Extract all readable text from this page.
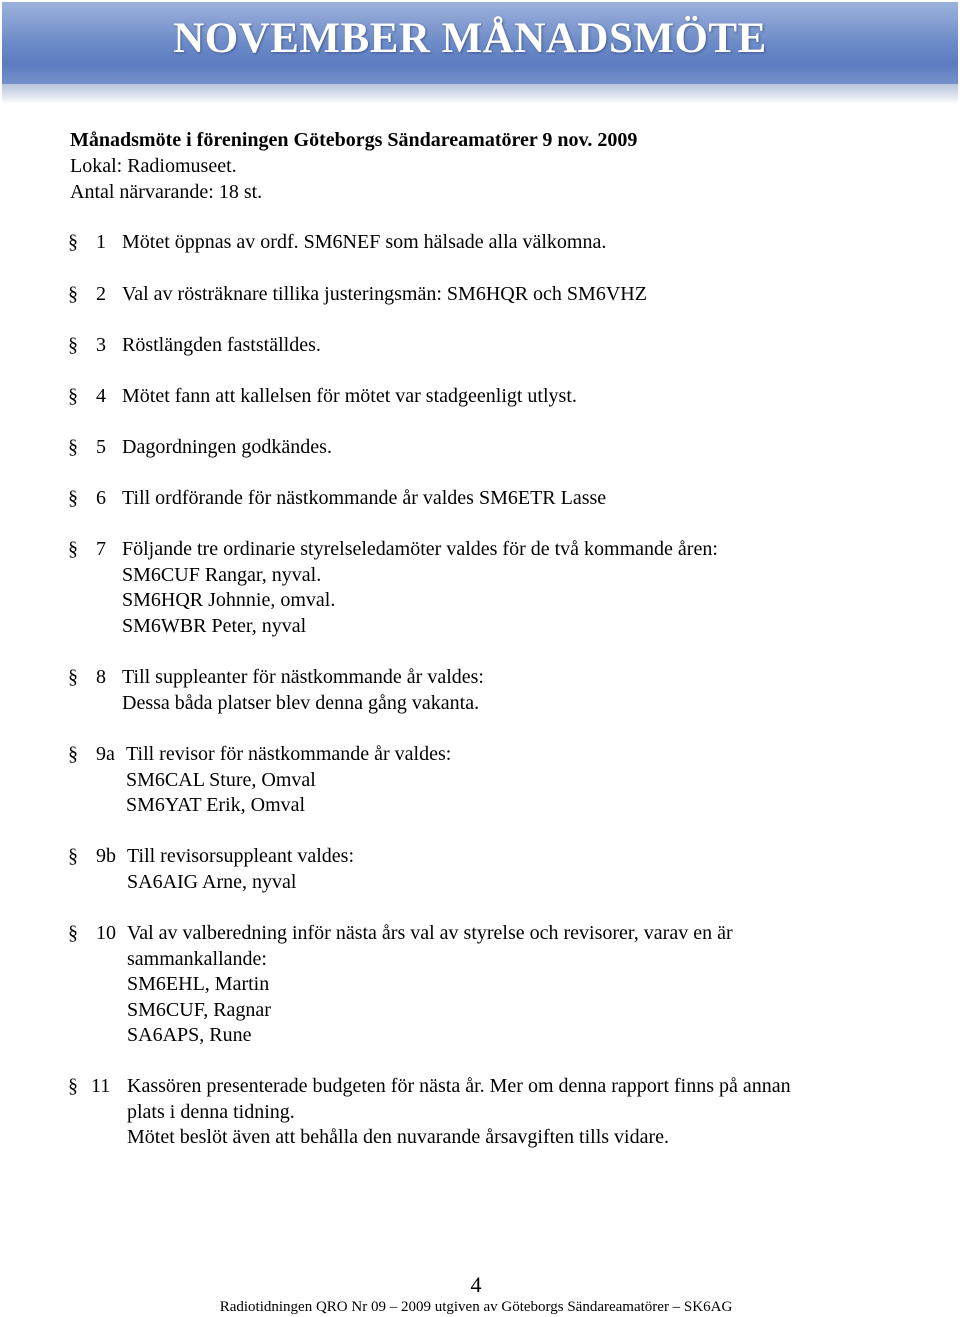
NOVEMBER MÅNADSMÖTE
Månadsmöte i föreningen Göteborgs Sändareamatörer 9 nov. 2009
Lokal: Radiomuseet.
Antal närvarande: 18 st.
§ 1 Mötet öppnas av ordf. SM6NEF som hälsade alla välkomna.
§ 2 Val av rösträknare tillika justeringsmän: SM6HQR och SM6VHZ
§ 3 Röstlängden fastställdes.
§ 4 Mötet fann att kallelsen för mötet var stadgeenligt utlyst.
§ 5 Dagordningen godkändes.
§ 6 Till ordförande för nästkommande år valdes SM6ETR Lasse
§ 7 Följande tre ordinarie styrelseledamöter valdes för de två kommande åren:
SM6CUF Rangar, nyval.
SM6HQR Johnnie, omval.
SM6WBR Peter, nyval
§ 8 Till suppleanter för nästkommande år valdes:
Dessa båda platser blev denna gång vakanta.
§ 9a Till revisor för nästkommande år valdes:
SM6CAL Sture, Omval
SM6YAT Erik, Omval
§ 9b Till revisorsuppleant valdes:
SA6AIG Arne, nyval
§ 10 Val av valberedning inför nästa års val av styrelse och revisorer, varav en är
sammankallande:
SM6EHL, Martin
SM6CUF, Ragnar
SA6APS, Rune
§ 11 Kassören presenterade budgeten för nästa år. Mer om denna rapport finns på annan
plats i denna tidning.
Mötet beslöt även att behålla den nuvarande årsavgiften tills vidare.
4
Radiotidningen QRO Nr 09 – 2009 utgiven av Göteborgs Sändareamatörer – SK6AG
